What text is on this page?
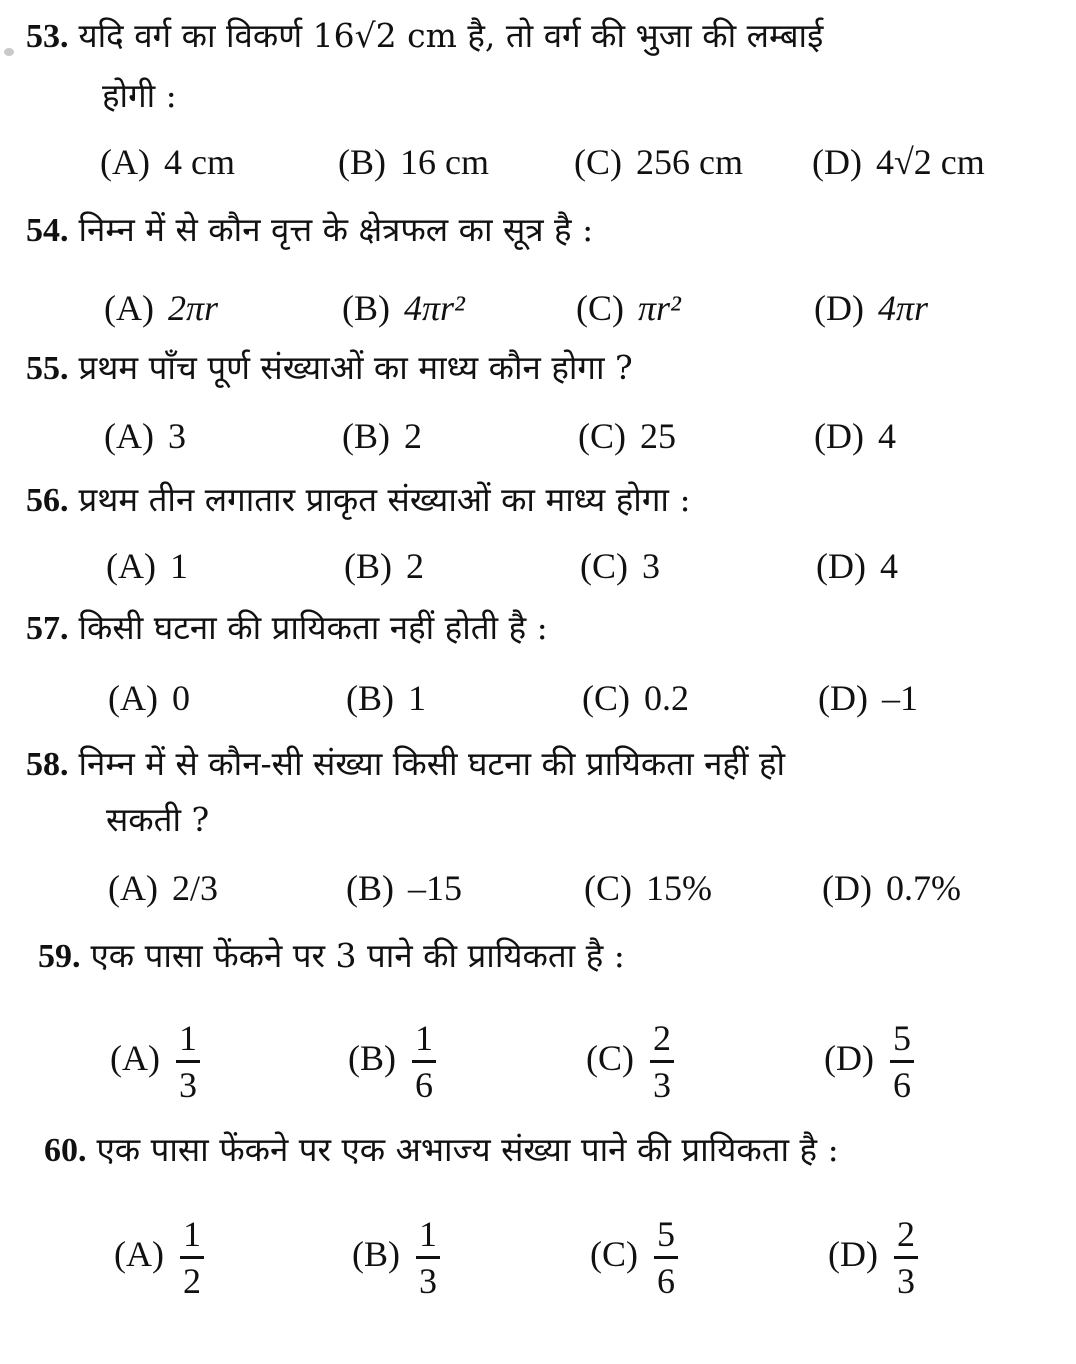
53. यदि वर्ग का विकर्ण 16√2 cm है, तो वर्ग की भुजा की लम्बाई
होगी :
(A) 4 cm	(B) 16 cm (C) 256 cm (D) 4√2 cm
54. निम्न में से कौन वृत्त के क्षेत्रफल का सूत्र है :
(A) 2πr	(B) 4πr²	(C) πr²	(D) 4πr
55. प्रथम पाँच पूर्ण संख्याओं का माध्य कौन होगा ?
(A) 3	(B) 2	(C) 25	(D) 4
56. प्रथम तीन लगातार प्राकृत संख्याओं का माध्य होगा :
(A) 1	(B) 2	(C) 3	(D) 4
57. किसी घटना की प्रायिकता नहीं होती है :
(A) 0	(B) 1	(C) 0.2	(D) –1
58. निम्न में से कौन-सी संख्या किसी घटना की प्रायिकता नहीं हो
सकती ?
(A) 2/3	(B) –15	(C) 15%	(D) 0.7%
59. एक पासा फेंकने पर 3 पाने की प्रायिकता है :
$(A) \frac{1}{3}$	$(B) \frac{1}{6}$	$(C) \frac{2}{3}$	$(D) \frac{5}{6}$
60. एक पासा फेंकने पर एक अभाज्य संख्या पाने की प्रायिकता है :
$(A) \frac{1}{2}$	$(B) \frac{1}{3}$	$(C) \frac{5}{6}$	$(D) \frac{2}{3}$
